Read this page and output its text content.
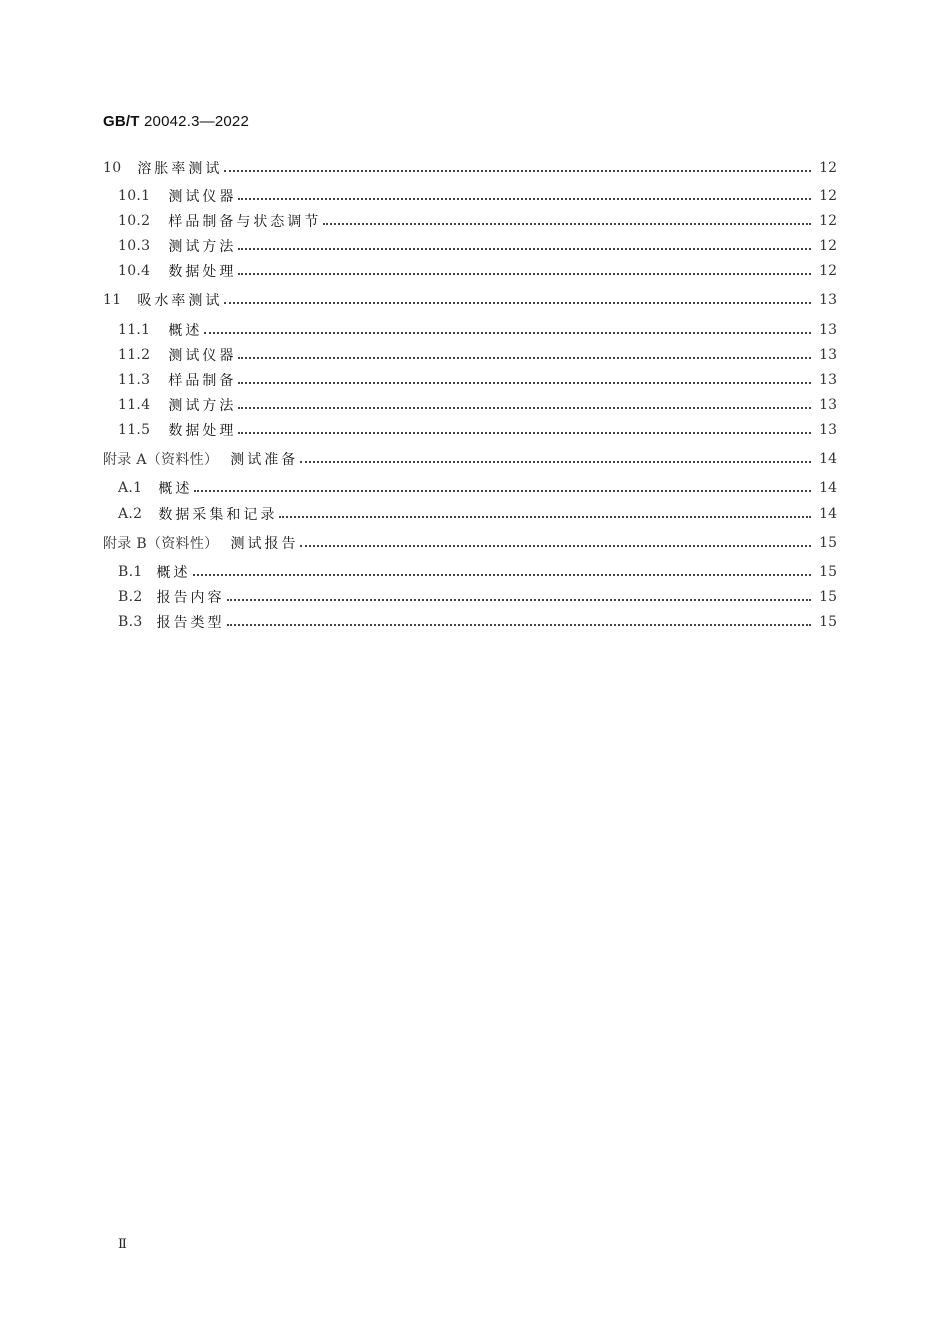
GB/T 20042.3—2022
10 溶胀率测试	12
10.1 测试仪器	12
10.2 样品制备与状态调节	12
10.3 测试方法	12
10.4 数据处理	12
11 吸水率测试	13
11.1 概述	13
11.2 测试仪器	13
11.3 样品制备	13
11.4 测试方法	13
11.5 数据处理	13
附录 A（资料性） 测试准备	14
A.1 概述	14
A.2 数据采集和记录	14
附录 B（资料性） 测试报告	15
B.1 概述	15
B.2 报告内容	15
B.3 报告类型	15
Ⅱ
